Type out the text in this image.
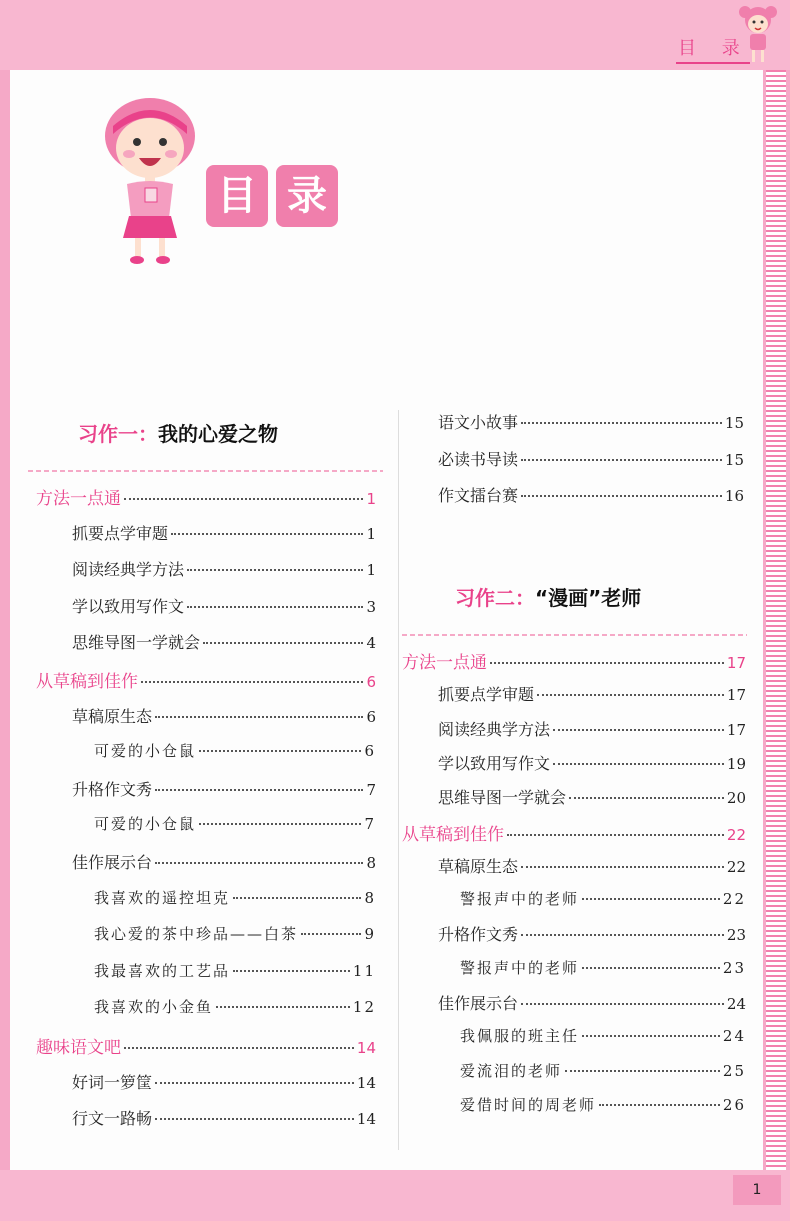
目 录
目 录
习作一：我的心爱之物
方法一点通	1
抓要点学审题	1
阅读经典学方法	1
学以致用写作文	3
思维导图一学就会	4
从草稿到佳作	6
草稿原生态	6
可爱的小仓鼠	6
升格作文秀	7
可爱的小仓鼠	7
佳作展示台	8
我喜欢的遥控坦克	8
我心爱的茶中珍品——白茶	9
我最喜欢的工艺品	11
我喜欢的小金鱼	12
趣味语文吧	14
好词一箩筐	14
行文一路畅	14
语文小故事	15
必读书导读	15
作文擂台赛	16
习作二：“漫画”老师
方法一点通	17
抓要点学审题	17
阅读经典学方法	17
学以致用写作文	19
思维导图一学就会	20
从草稿到佳作	22
草稿原生态	22
警报声中的老师	22
升格作文秀	23
警报声中的老师	23
佳作展示台	24
我佩服的班主任	24
爱流泪的老师	25
爱借时间的周老师	26
1
